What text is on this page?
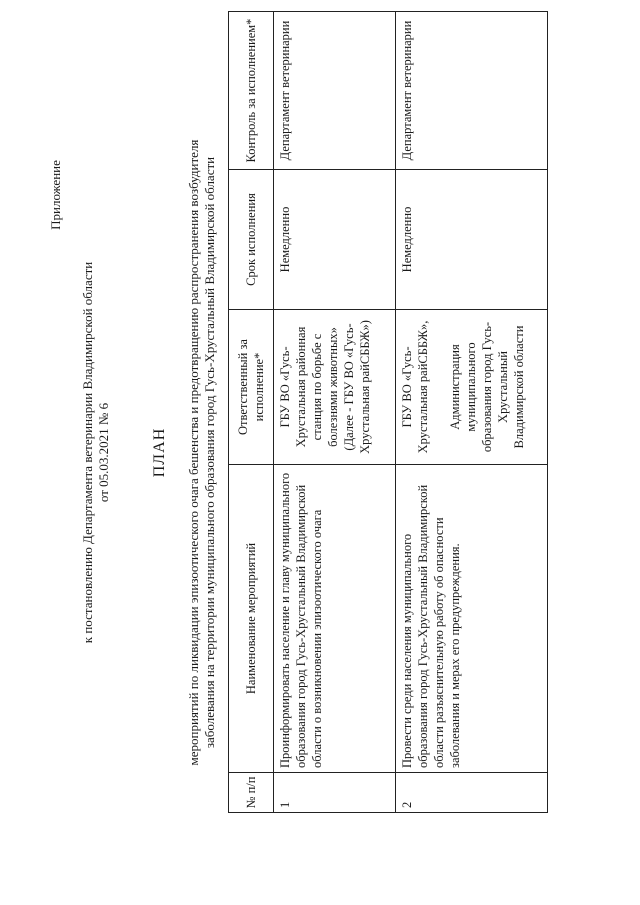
Приложение
к постановлению Департамента ветеринарии Владимирской области от 05.03.2021 № 6	ПЛАН мероприятий по ликвидации эпизоотического очага бешенства и предотвращению распространения возбудителя заболевания на территории муниципального образования город Гусь-Хрустальный Владимирской области
№ п/п	Наименование мероприятий	Ответственный за исполнение*	Срок исполнения	Контроль за исполнением*
1	Проинформировать население и главу муниципального образования город Гусь-Хрустальный Владимирской области о возникновении эпизоотического очага	ГБУ ВО «Гусь-Хрустальная районная станция по борьбе с болезнями животных» (Далее - ГБУ ВО «Гусь-Хрустальная райСББЖ»)	Немедленно	Департамент ветеринарии
2	Провести среди населения муниципального образования город Гусь-Хрустальный Владимирской области разъяснительную работу об опасности заболевания и мерах его предупреждения.	ГБУ ВО «Гусь-Хрустальная райСББЖ», Администрация муниципального образования город Гусь-Хрустальный Владимирской области	Немедленно	Департамент ветеринарии
